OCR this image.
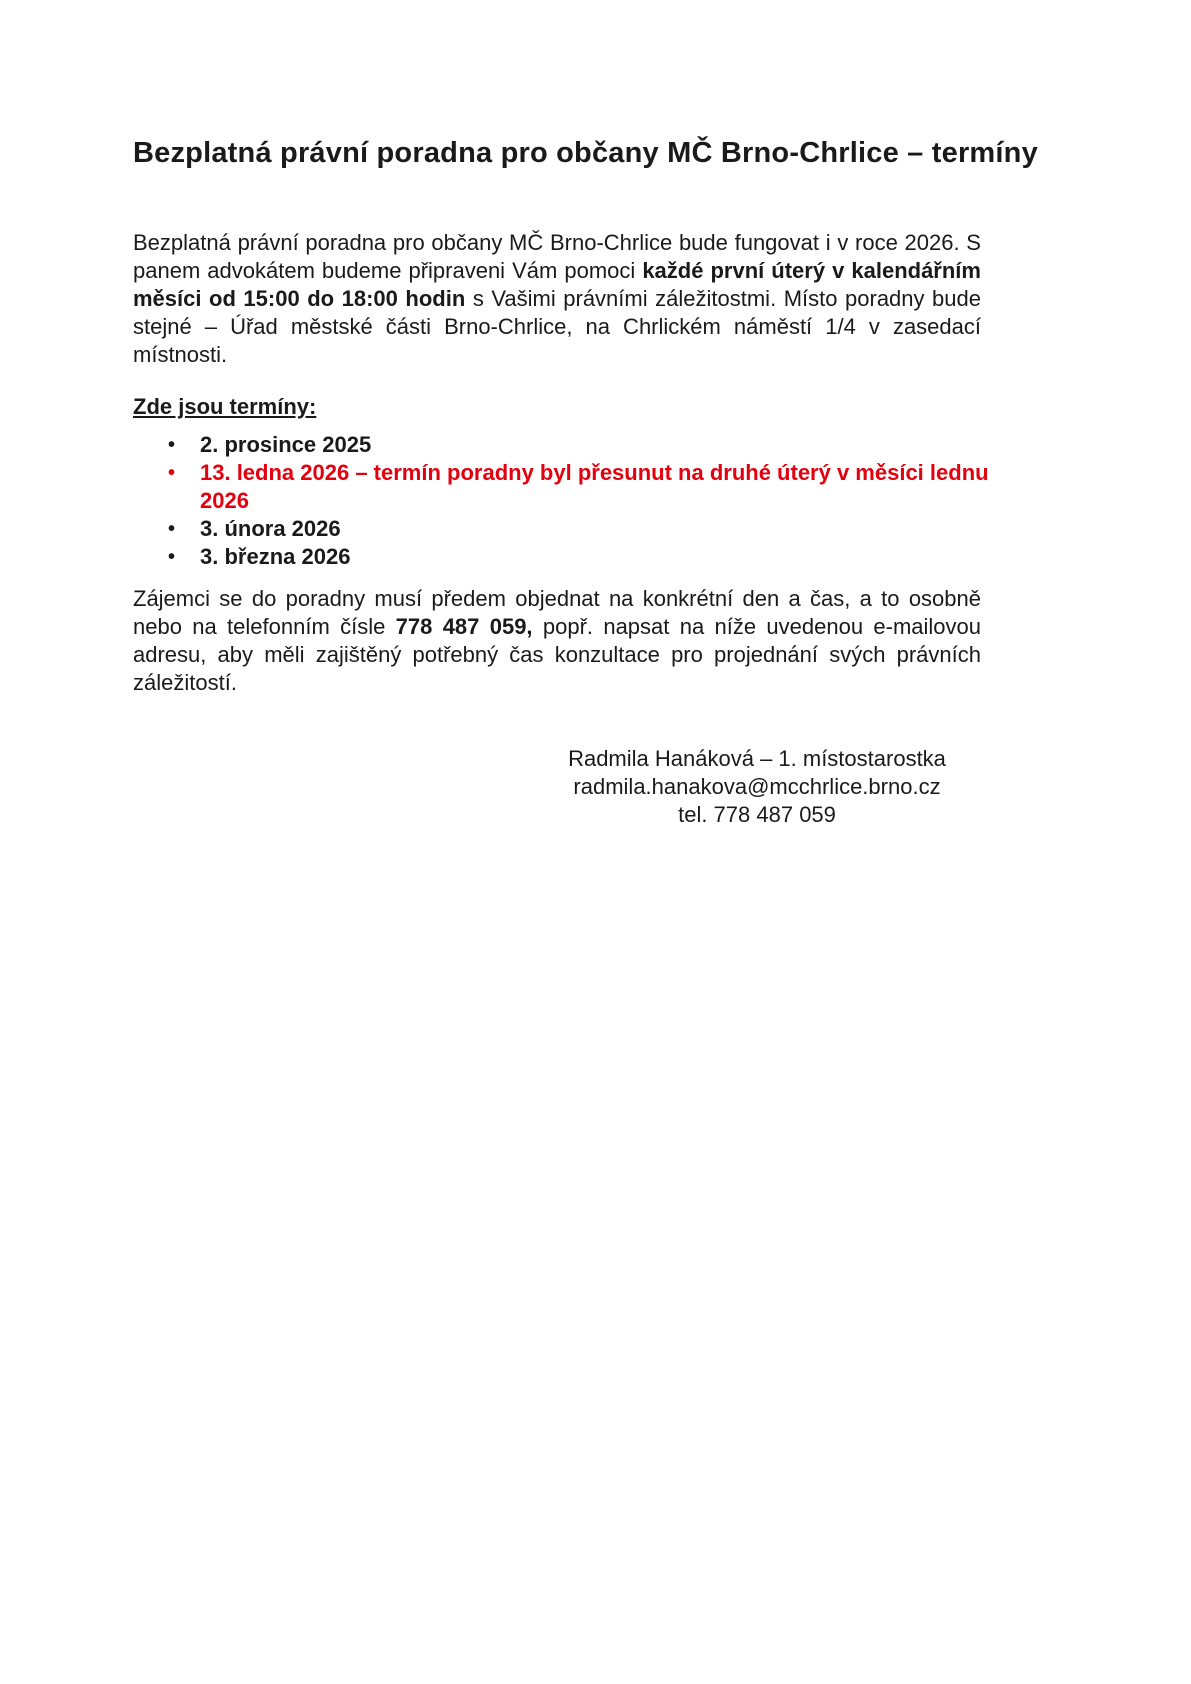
Bezplatná právní poradna pro občany MČ Brno-Chrlice – termíny

Bezplatná právní poradna pro občany MČ Brno-Chrlice bude fungovat i v roce 2026. S panem advokátem budeme připraveni Vám pomoci každé první úterý v kalendářním měsíci od 15:00 do 18:00 hodin s Vašimi právními záležitostmi. Místo poradny bude stejné – Úřad městské části Brno-Chrlice, na Chrlickém náměstí 1/4 v zasedací místnosti.

Zde jsou termíny:

•	2. prosince 2025
•	13. ledna 2026 – termín poradny byl přesunut na druhé úterý v měsíci lednu 2026
•	3. února 2026
•	3. března 2026

Zájemci se do poradny musí předem objednat na konkrétní den a čas, a to osobně nebo na telefonním čísle 778 487 059, popř. napsat na níže uvedenou e-mailovou adresu, aby měli zajištěný potřebný čas konzultace pro projednání svých právních záležitostí.

Radmila Hanáková – 1. místostarostka
radmila.hanakova@mcchrlice.brno.cz
tel. 778 487 059
